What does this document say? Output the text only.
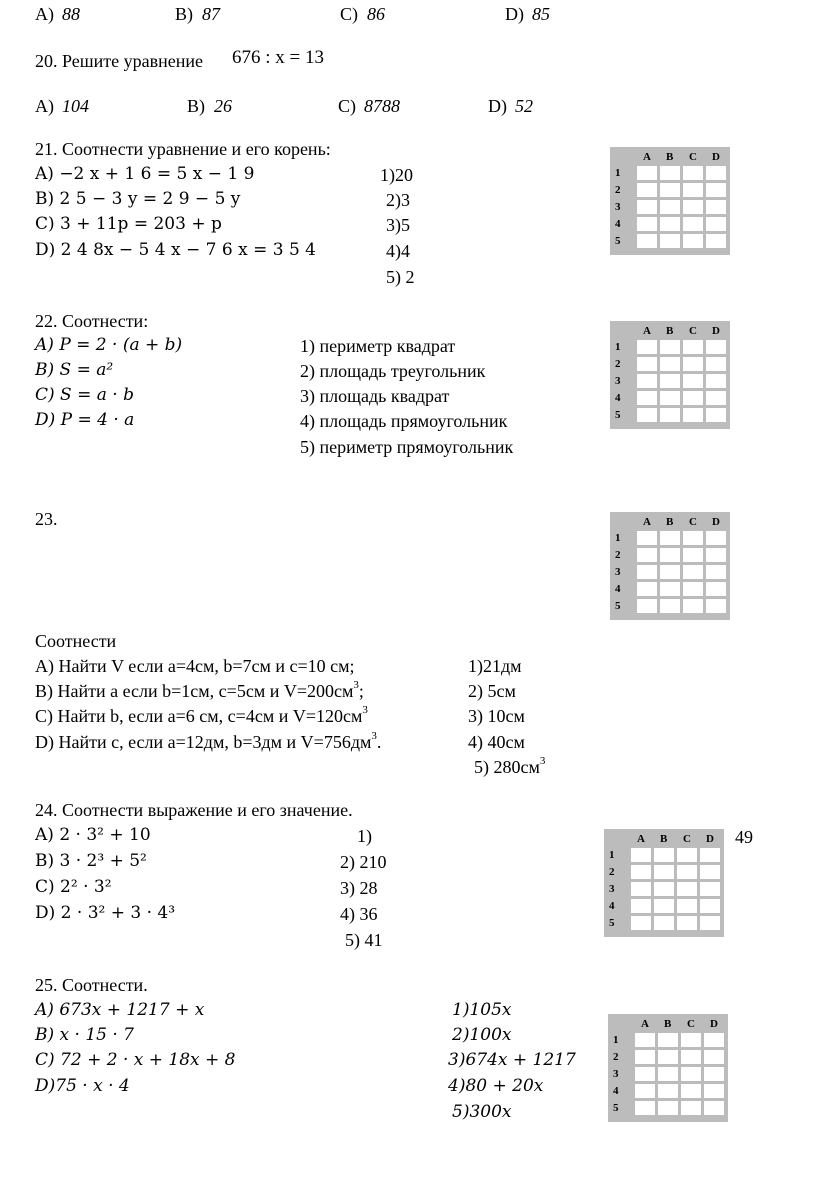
A) 88	B) 87	C) 86	D) 85
20. Решите уравнение 676 : x = 13
A) 104	B) 26	C) 8788	D) 52
21. Соотнести уравнение и его корень:
A) −2 x + 1 6 = 5 x − 1 9
B) 2 5 − 3 y = 2 9 − 5 y
C) 3 + 11p = 203 + p
D) 2 4 8x − 5 4 x − 7 6 x = 3 5 4
1)20
2)3
3)5
4)4
5) 2
A B C D
1
2
3
4
5
22. Соотнести:
A) P = 2 · (a + b)
B) S = a²
C) S = a · b
D) P = 4 · a
1) периметр квадрат
2) площадь треугольник
3) площадь квадрат
4) площадь прямоугольник
5) периметр прямоугольник
A B C D
1
2
3
4
5
23.	A B C D
1
2
3
4
5
Соотнести
A) Найти V если a=4см, b=7см и с=10 см;
B) Найти a если b=1см, с=5см и $V=200см^3$;
C) Найти b, если a=6 см, с=4см и $V=120см^3$
D) Найти с, если a=12дм, b=3дм и $V=756дм^3$.
1)21дм
2) 5см
3) 10см
4) 40см
5) $280см^3$
24. Соотнести выражение и его значение.
A) 2 · 3² + 10
B) 3 · 2³ + 5²
C) 2² · 3²
D) 2 · 3² + 3 · 4³
1)
2) 210
3) 28
4) 36
5) 41
A B C D
1
2
3
4
5
49
25. Соотнести.
A) 673x + 1217 + x
B) x · 15 · 7
C) 72 + 2 · x + 18x + 8
D)75 · x · 4
1)105x
2)100x
3)674x + 1217
4)80 + 20x
5)300x
A B C D
1
2
3
4
5
